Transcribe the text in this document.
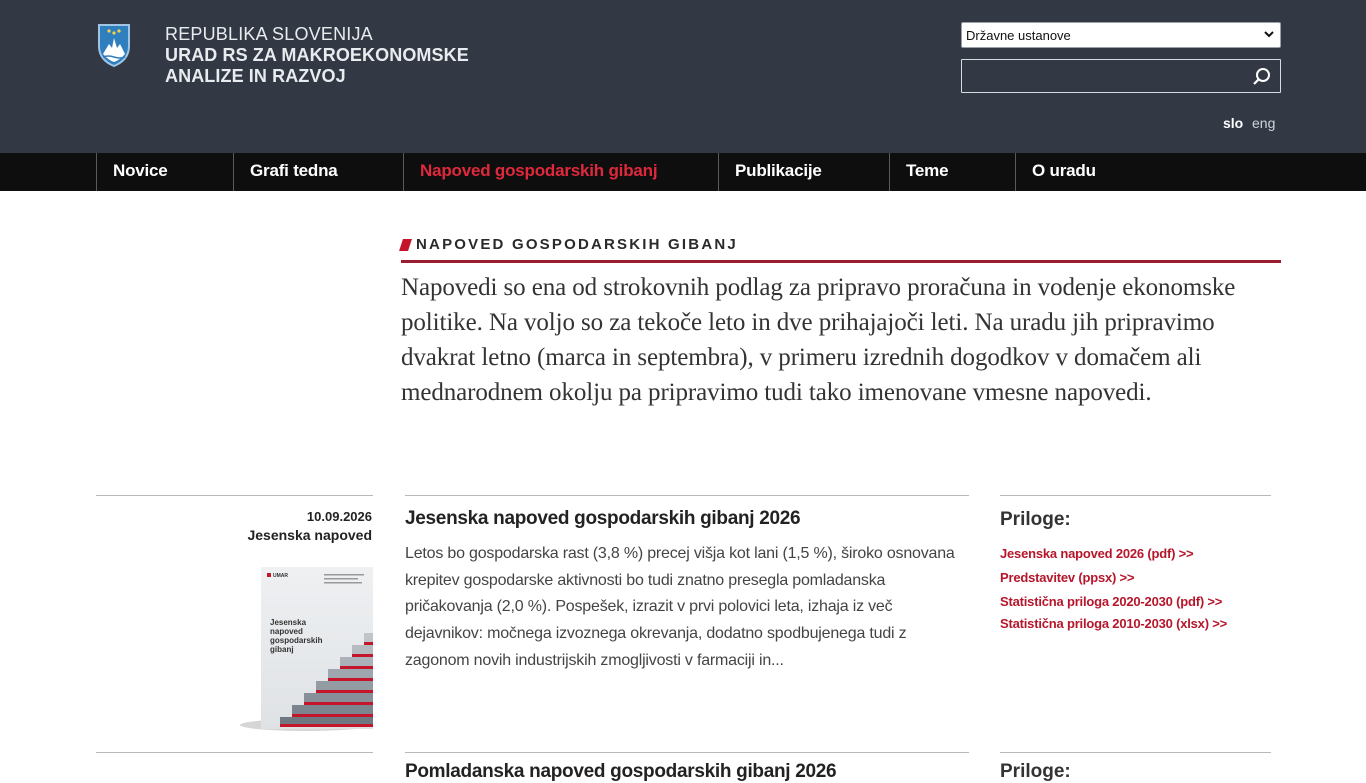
REPUBLIKA SLOVENIJA
URAD RS ZA MAKROEKONOMSKE
ANALIZE IN RAZVOJ
Državne ustanove
slo eng
Novice	Grafi tedna	Napoved gospodarskih gibanj	Publikacije	Teme	O uradu
NAPOVED GOSPODARSKIH GIBANJ
Napovedi so ena od strokovnih podlag za pripravo proračuna in vodenje ekonomske politike. Na voljo so za tekoče leto in dve prihajajoči leti. Na uradu jih pripravimo dvakrat letno (marca in septembra), v primeru izrednih dogodkov v domačem ali mednarodnem okolju pa pripravimo tudi tako imenovane vmesne napovedi.
10.09.2026
Jesenska napoved
UMAR
Jesenska
napoved
gospodarskih
gibanj
Jesenska napoved gospodarskih gibanj 2026
Letos bo gospodarska rast (3,8 %) precej višja kot lani (1,5 %), široko osnovana krepitev gospodarske aktivnosti bo tudi znatno presegla pomladanska pričakovanja (2,0 %). Pospešek, izrazit v prvi polovici leta, izhaja iz več dejavnikov: močnega izvoznega okrevanja, dodatno spodbujenega tudi z zagonom novih industrijskih zmogljivosti v farmaciji in...
Priloge:
Jesenska napoved 2026 (pdf) >>
Predstavitev (ppsx) >>
Statistična priloga 2020-2030 (pdf) >>
Statistična priloga 2010-2030 (xlsx) >>
Pomladanska napoved gospodarskih gibanj 2026	Priloge:
